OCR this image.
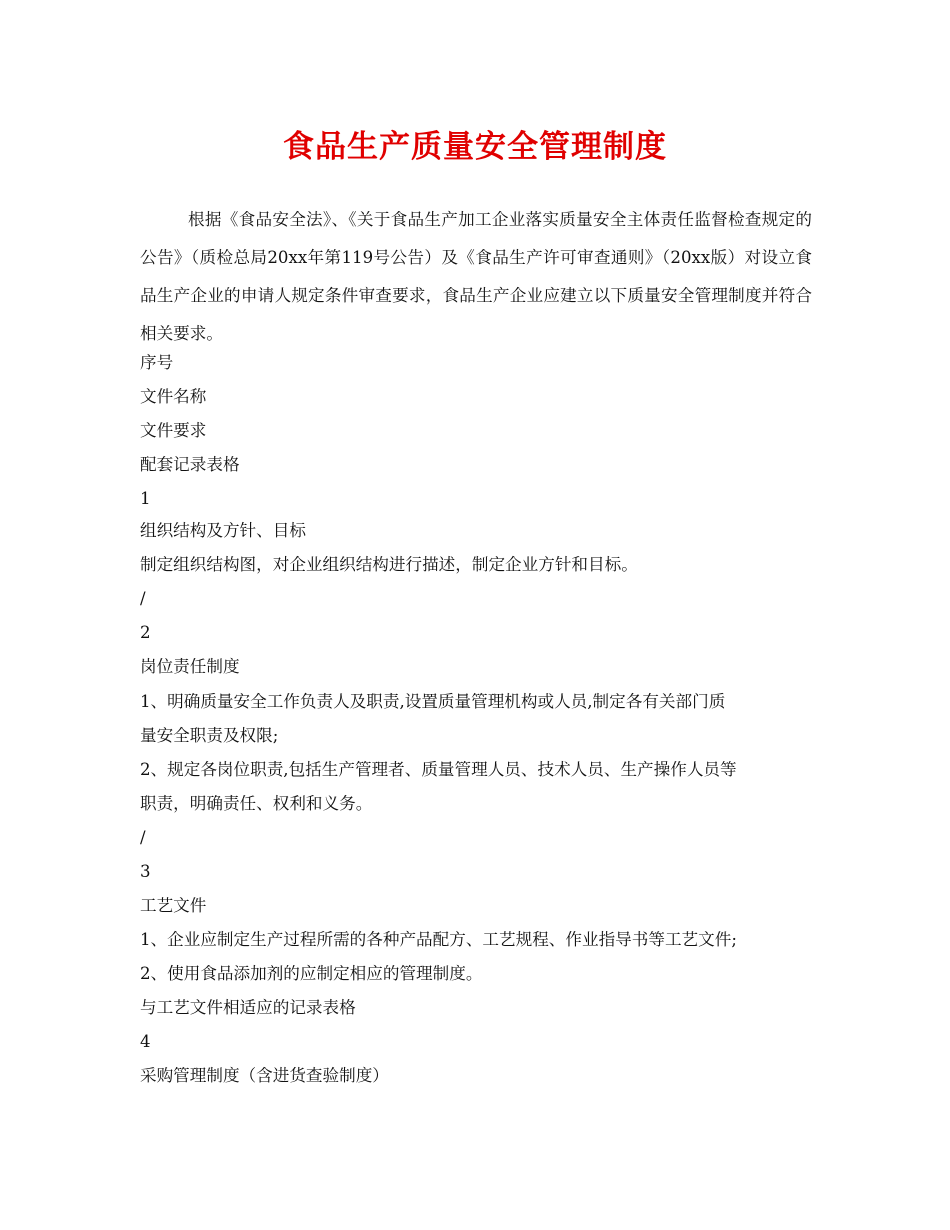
食品生产质量安全管理制度

根据《食品安全法》、《关于食品生产加工企业落实质量安全主体责任监督检查规定的公告》（质检总局20xx年第119号公告）及《食品生产许可审查通则》（20xx版）对设立食品生产企业的申请人规定条件审查要求，食品生产企业应建立以下质量安全管理制度并符合相关要求。

序号

文件名称

文件要求

配套记录表格

1

组织结构及方针、目标

制定组织结构图，对企业组织结构进行描述，制定企业方针和目标。

/

2

岗位责任制度

1、明确质量安全工作负责人及职责,设置质量管理机构或人员,制定各有关部门质

量安全职责及权限;

2、规定各岗位职责,包括生产管理者、质量管理人员、技术人员、生产操作人员等

职责，明确责任、权利和义务。

/

3

工艺文件

1、企业应制定生产过程所需的各种产品配方、工艺规程、作业指导书等工艺文件;

2、使用食品添加剂的应制定相应的管理制度。

与工艺文件相适应的记录表格

4

采购管理制度（含进货查验制度）
